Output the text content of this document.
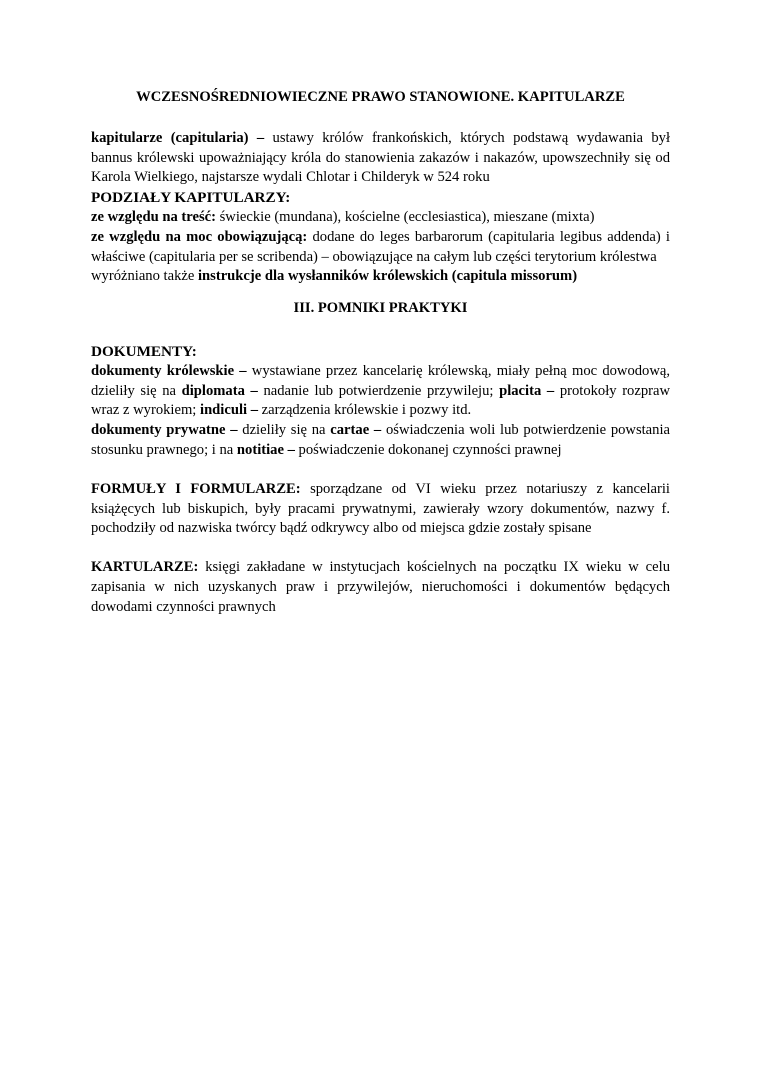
WCZESNOŚREDNIOWIECZNE PRAWO STANOWIONE. KAPITULARZE

kapitularze (capitularia) – ustawy królów frankońskich, których podstawą wydawania był bannus królewski upoważniający króla do stanowienia zakazów i nakazów, upowszechniły się od Karola Wielkiego, najstarsze wydali Chlotar i Childeryk w 524 roku

PODZIAŁY KAPITULARZY:

ze względu na treść: świeckie (mundana), kościelne (ecclesiastica), mieszane (mixta)

ze względu na moc obowiązującą: dodane do leges barbarorum (capitularia legibus addenda) i właściwe (capitularia per se scribenda) – obowiązujące na całym lub części terytorium królestwa

wyróżniano także instrukcje dla wysłanników królewskich (capitula missorum)

III. POMNIKI PRAKTYKI
DOKUMENTY:

dokumenty królewskie – wystawiane przez kancelarię królewską, miały pełną moc dowodową, dzieliły się na diplomata – nadanie lub potwierdzenie przywileju; placita – protokoły rozpraw wraz z wyrokiem; indiculi – zarządzenia królewskie i pozwy itd.

dokumenty prywatne – dzieliły się na cartae – oświadczenia woli lub potwierdzenie powstania stosunku prawnego; i na notitiae – poświadczenie dokonanej czynności prawnej

FORMUŁY I FORMULARZE: sporządzane od VI wieku przez notariuszy z kancelarii książęcych lub biskupich, były pracami prywatnymi, zawierały wzory dokumentów, nazwy f. pochodziły od nazwiska twórcy bądź odkrywcy albo od miejsca gdzie zostały spisane

KARTULARZE: księgi zakładane w instytucjach kościelnych na początku IX wieku w celu zapisania w nich uzyskanych praw i przywilejów, nieruchomości i dokumentów będących dowodami czynności prawnych
